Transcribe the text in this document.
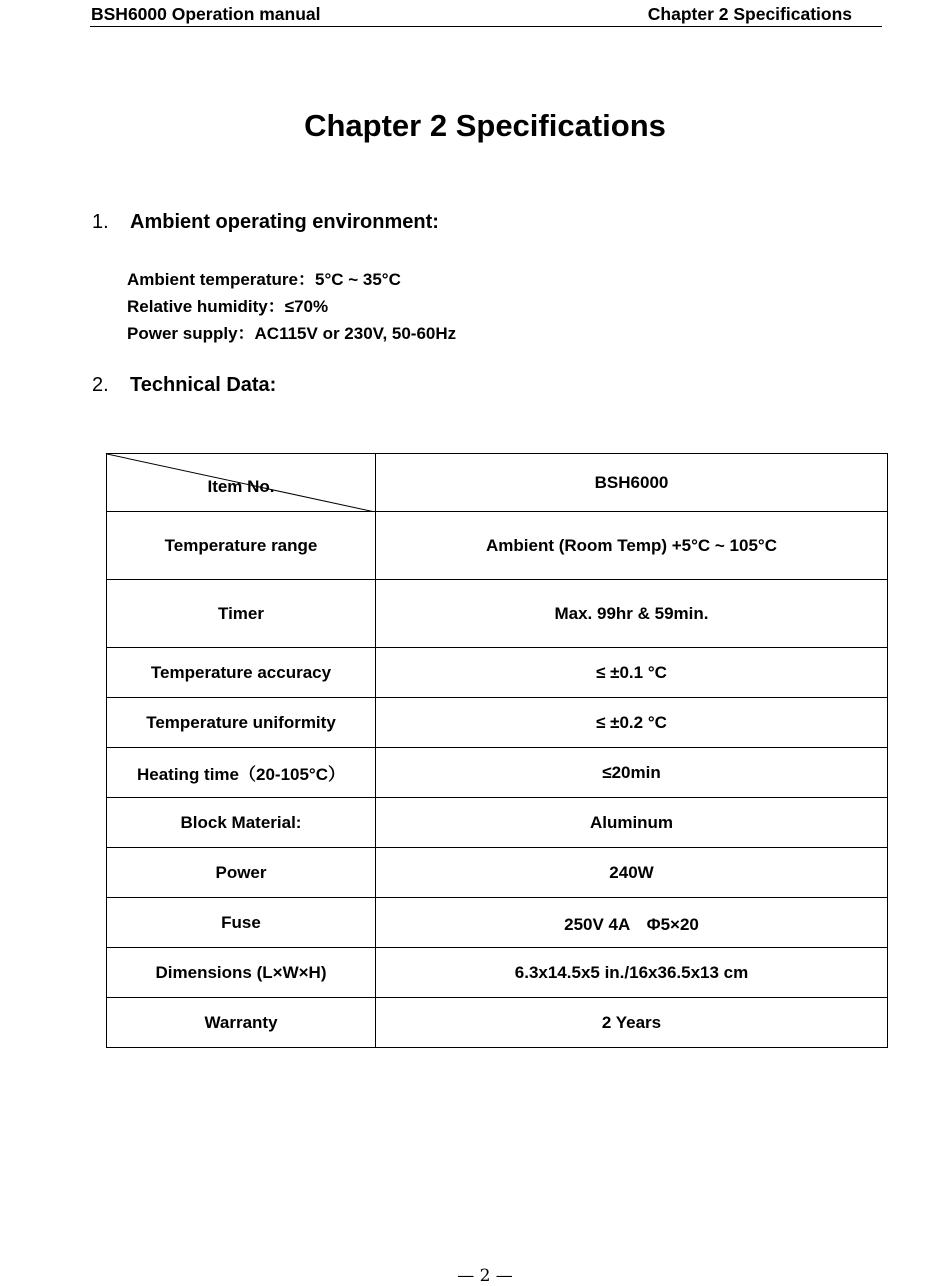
BSH6000 Operation manual	Chapter 2 Specifications
Chapter 2 Specifications
1. Ambient operating environment:
Ambient temperature：5°C ~ 35°C
Relative humidity：≤70%
Power supply：AC115V or 230V, 50-60Hz
2. Technical Data:
Item No.	BSH6000
Temperature range	Ambient (Room Temp) +5°C ~ 105°C
Timer	Max. 99hr & 59min.
Temperature accuracy	≤ ±0.1 °C
Temperature uniformity	≤ ±0.2 °C
Heating time（20-105°C）	≤20min
Block Material:	Aluminum
Power	240W
Fuse	250V 4A　Φ5×20
Dimensions (L×W×H)	6.3x14.5x5 in./16x36.5x13 cm
Warranty	2 Years
— 2 —
